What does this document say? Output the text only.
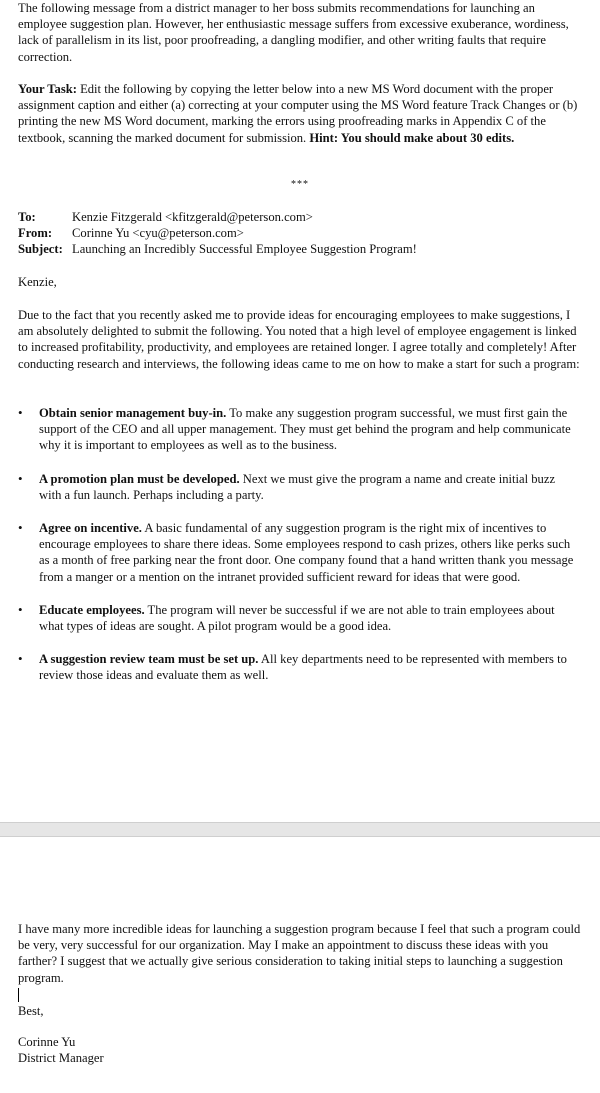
The following message from a district manager to her boss submits recommendations for launching an employee suggestion plan. However, her enthusiastic message suffers from excessive exuberance, wordiness, lack of parallelism in its list, poor proofreading, a dangling modifier, and other writing faults that require correction.

Your Task: Edit the following by copying the letter below into a new MS Word document with the proper assignment caption and either (a) correcting at your computer using the MS Word feature Track Changes or (b) printing the new MS Word document, marking the errors using proofreading marks in Appendix C of the textbook, scanning the marked document for submission. Hint: You should make about 30 edits.

***

To:	Kenzie Fitzgerald <kfitzgerald@peterson.com>
From:	Corinne Yu <cyu@peterson.com>
Subject: Launching an Incredibly Successful Employee Suggestion Program!

Kenzie,

Due to the fact that you recently asked me to provide ideas for encouraging employees to make suggestions, I am absolutely delighted to submit the following. You noted that a high level of employee engagement is linked to increased profitability, productivity, and employees are retained longer. I agree totally and completely! After conducting research and interviews, the following ideas came to me on how to make a start for such a program:

• Obtain senior management buy-in. To make any suggestion program successful, we must first gain the support of the CEO and all upper management. They must get behind the program and help communicate why it is important to employees as well as to the business.
• A promotion plan must be developed. Next we must give the program a name and create initial buzz with a fun launch. Perhaps including a party.
• Agree on incentive. A basic fundamental of any suggestion program is the right mix of incentives to encourage employees to share there ideas. Some employees respond to cash prizes, others like perks such as a month of free parking near the front door. One company found that a hand written thank you message from a manger or a mention on the intranet provided sufficient reward for ideas that were good.
• Educate employees. The program will never be successful if we are not able to train employees about what types of ideas are sought. A pilot program would be a good idea.
• A suggestion review team must be set up. All key departments need to be represented with members to review those ideas and evaluate them as well.

I have many more incredible ideas for launching a suggestion program because I feel that such a program could be very, very successful for our organization. May I make an appointment to discuss these ideas with you farther? I suggest that we actually give serious consideration to taking initial steps to launching a suggestion program.

Best,

Corinne Yu

District Manager
